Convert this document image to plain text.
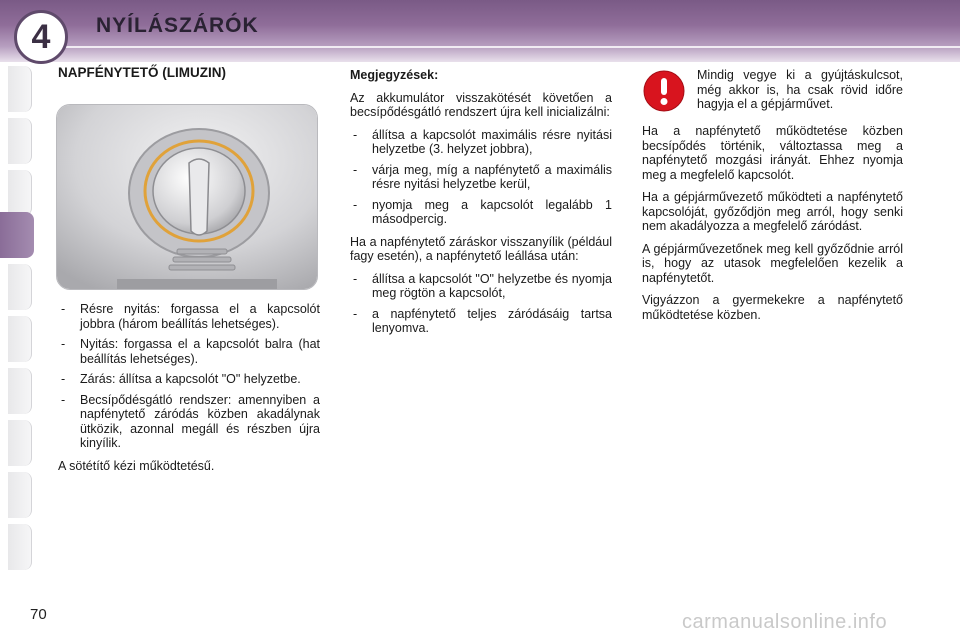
4	NYÍLÁSZÁRÓK

NAPFÉNYTETŐ (LIMUZIN)

- Résre nyitás: forgassa el a kapcsolót jobbra (három beállítás lehetséges).
- Nyitás: forgassa el a kapcsolót balra (hat beállítás lehetséges).
- Zárás: állítsa a kapcsolót "O" helyzetbe.
- Becsípődésgátló rendszer: amennyiben a napfénytető záródás közben akadálynak ütközik, azonnal megáll és részben újra kinyílik.

A sötétítő kézi működtetésű.

Megjegyzések:

Az akkumulátor visszakötését követően a becsípődésgátló rendszert újra kell inicializálni:

- állítsa a kapcsolót maximális résre nyitási helyzetbe (3. helyzet jobbra),
- várja meg, míg a napfénytető a maximális résre nyitási helyzetbe kerül,
- nyomja meg a kapcsolót legalább 1 másodpercig.

Ha a napfénytető záráskor visszanyílik (például fagy esetén), a napfénytető leállása után:

- állítsa a kapcsolót "O" helyzetbe és nyomja meg rögtön a kapcsolót,
- a napfénytető teljes záródásáig tartsa lenyomva.

Mindig vegye ki a gyújtáskulcsot, még akkor is, ha csak rövid időre hagyja el a gépjárművet.

Ha a napfénytető működtetése közben becsípődés történik, változtassa meg a napfénytető mozgási irányát. Ehhez nyomja meg a megfelelő kapcsolót.

Ha a gépjárművezető működteti a napfénytető kapcsolóját, győződjön meg arról, hogy senki nem akadályozza a megfelelő záródást.

A gépjárművezetőnek meg kell győződnie arról is, hogy az utasok megfelelően kezelik a napfénytetőt.

Vigyázzon a gyermekekre a napfénytető működtetése közben.

70	carmanualsonline.info
